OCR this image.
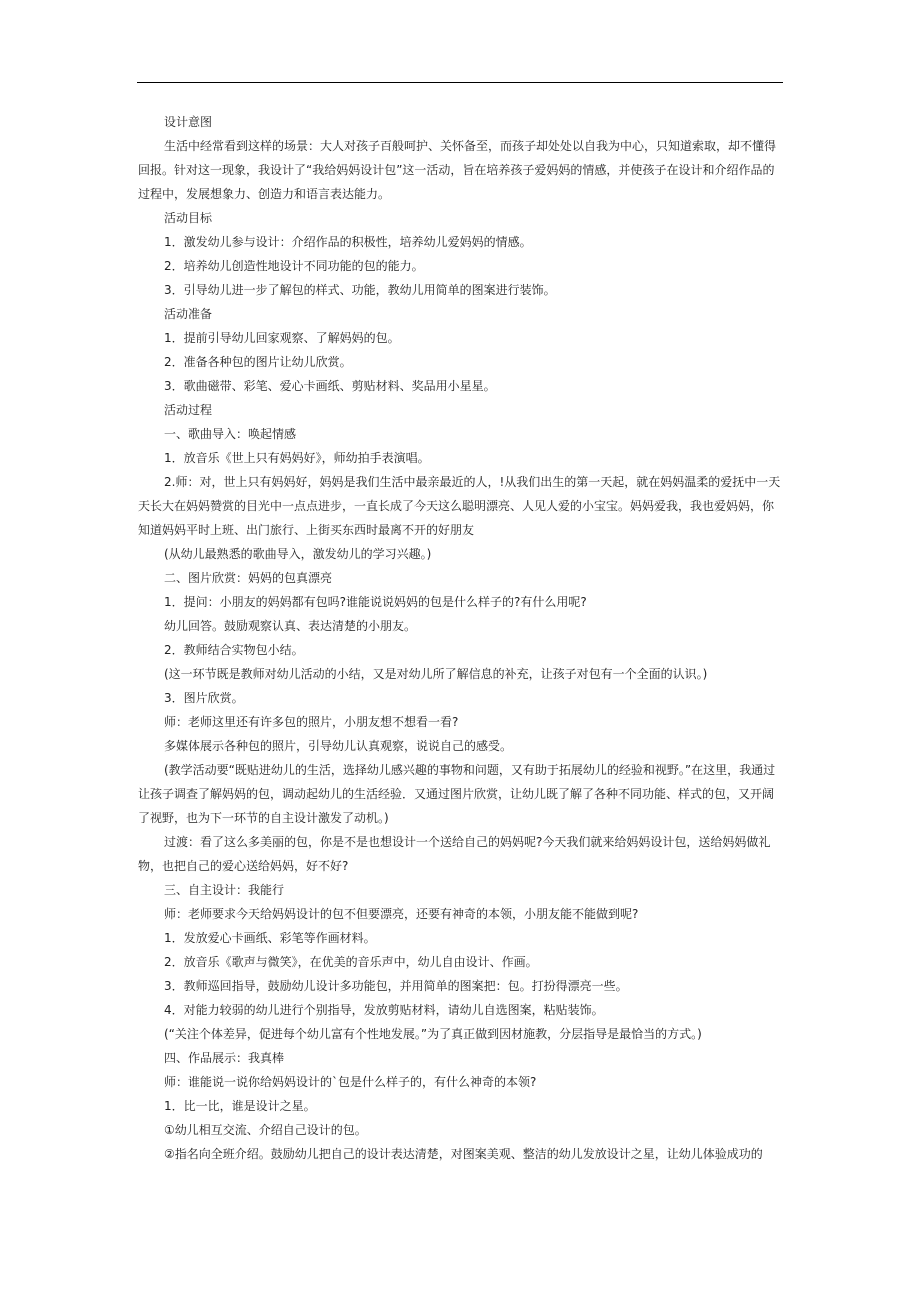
设计意图

生活中经常看到这样的场景：大人对孩子百般呵护、关怀备至，而孩子却处处以自我为中心，只知道索取，却不懂得回报。针对这一现象，我设计了“我给妈妈设计包”这一活动，旨在培养孩子爱妈妈的情感，并使孩子在设计和介绍作品的过程中，发展想象力、创造力和语言表达能力。

活动目标

1．激发幼儿参与设计：介绍作品的积极性，培养幼儿爱妈妈的情感。

2．培养幼儿创造性地设计不同功能的包的能力。

3．引导幼儿进一步了解包的样式、功能，教幼儿用简单的图案进行装饰。

活动准备

1．提前引导幼儿回家观察、了解妈妈的包。

2．准备各种包的图片让幼儿欣赏。

3．歌曲磁带、彩笔、爱心卡画纸、剪贴材料、奖品用小星星。

活动过程

一、歌曲导入：唤起情感

1．放音乐《世上只有妈妈好》，师幼拍手表演唱。

2.师：对，世上只有妈妈好，妈妈是我们生活中最亲最近的人，!从我们出生的第一天起，就在妈妈温柔的爱抚中一天天长大在妈妈赞赏的目光中一点点进步，一直长成了今天这么聪明漂亮、人见人爱的小宝宝。妈妈爱我，我也爱妈妈，你知道妈妈平时上班、出门旅行、上街买东西时最离不开的好朋友

(从幼儿最熟悉的歌曲导入，激发幼儿的学习兴趣。)

二、图片欣赏：妈妈的包真漂亮

1．提问：小朋友的妈妈都有包吗?谁能说说妈妈的包是什么样子的?有什么用呢?

幼儿回答。鼓励观察认真、表达清楚的小朋友。

2．教师结合实物包小结。

(这一环节既是教师对幼儿活动的小结，又是对幼儿所了解信息的补充，让孩子对包有一个全面的认识。)

3．图片欣赏。

师：老师这里还有许多包的照片，小朋友想不想看一看?

多媒体展示各种包的照片，引导幼儿认真观察，说说自己的感受。

(教学活动要“既贴进幼儿的生活，选择幼儿感兴趣的事物和问题，又有助于拓展幼儿的经验和视野。”在这里，我通过让孩子调查了解妈妈的包，调动起幼儿的生活经验．又通过图片欣赏，让幼儿既了解了各种不同功能、样式的包，又开阔了视野，也为下一环节的自主设计激发了动机。)

过渡：看了这么多美丽的包，你是不是也想设计一个送给自己的妈妈呢?今天我们就来给妈妈设计包，送给妈妈做礼物，也把自己的爱心送给妈妈，好不好?

三、自主设计：我能行

师：老师要求今天给妈妈设计的包不但要漂亮，还要有神奇的本领，小朋友能不能做到呢?

1．发放爱心卡画纸、彩笔等作画材料。

2．放音乐《歌声与微笑》，在优美的音乐声中，幼儿自由设计、作画。

3．教师巡回指导，鼓励幼儿设计多功能包，并用简单的图案把：包。打扮得漂亮一些。

4．对能力较弱的幼儿进行个别指导，发放剪贴材料，请幼儿自选图案，粘贴装饰。

(“关注个体差异，促进每个幼儿富有个性地发展。”为了真正做到因材施教，分层指导是最恰当的方式。)

四、作品展示：我真棒

师：谁能说一说你给妈妈设计的`包是什么样子的，有什么神奇的本领?

1．比一比，谁是设计之星。

①幼儿相互交流、介绍自己设计的包。

②指名向全班介绍。鼓励幼儿把自己的设计表达清楚，对图案美观、整洁的幼儿发放设计之星，让幼儿体验成功的
